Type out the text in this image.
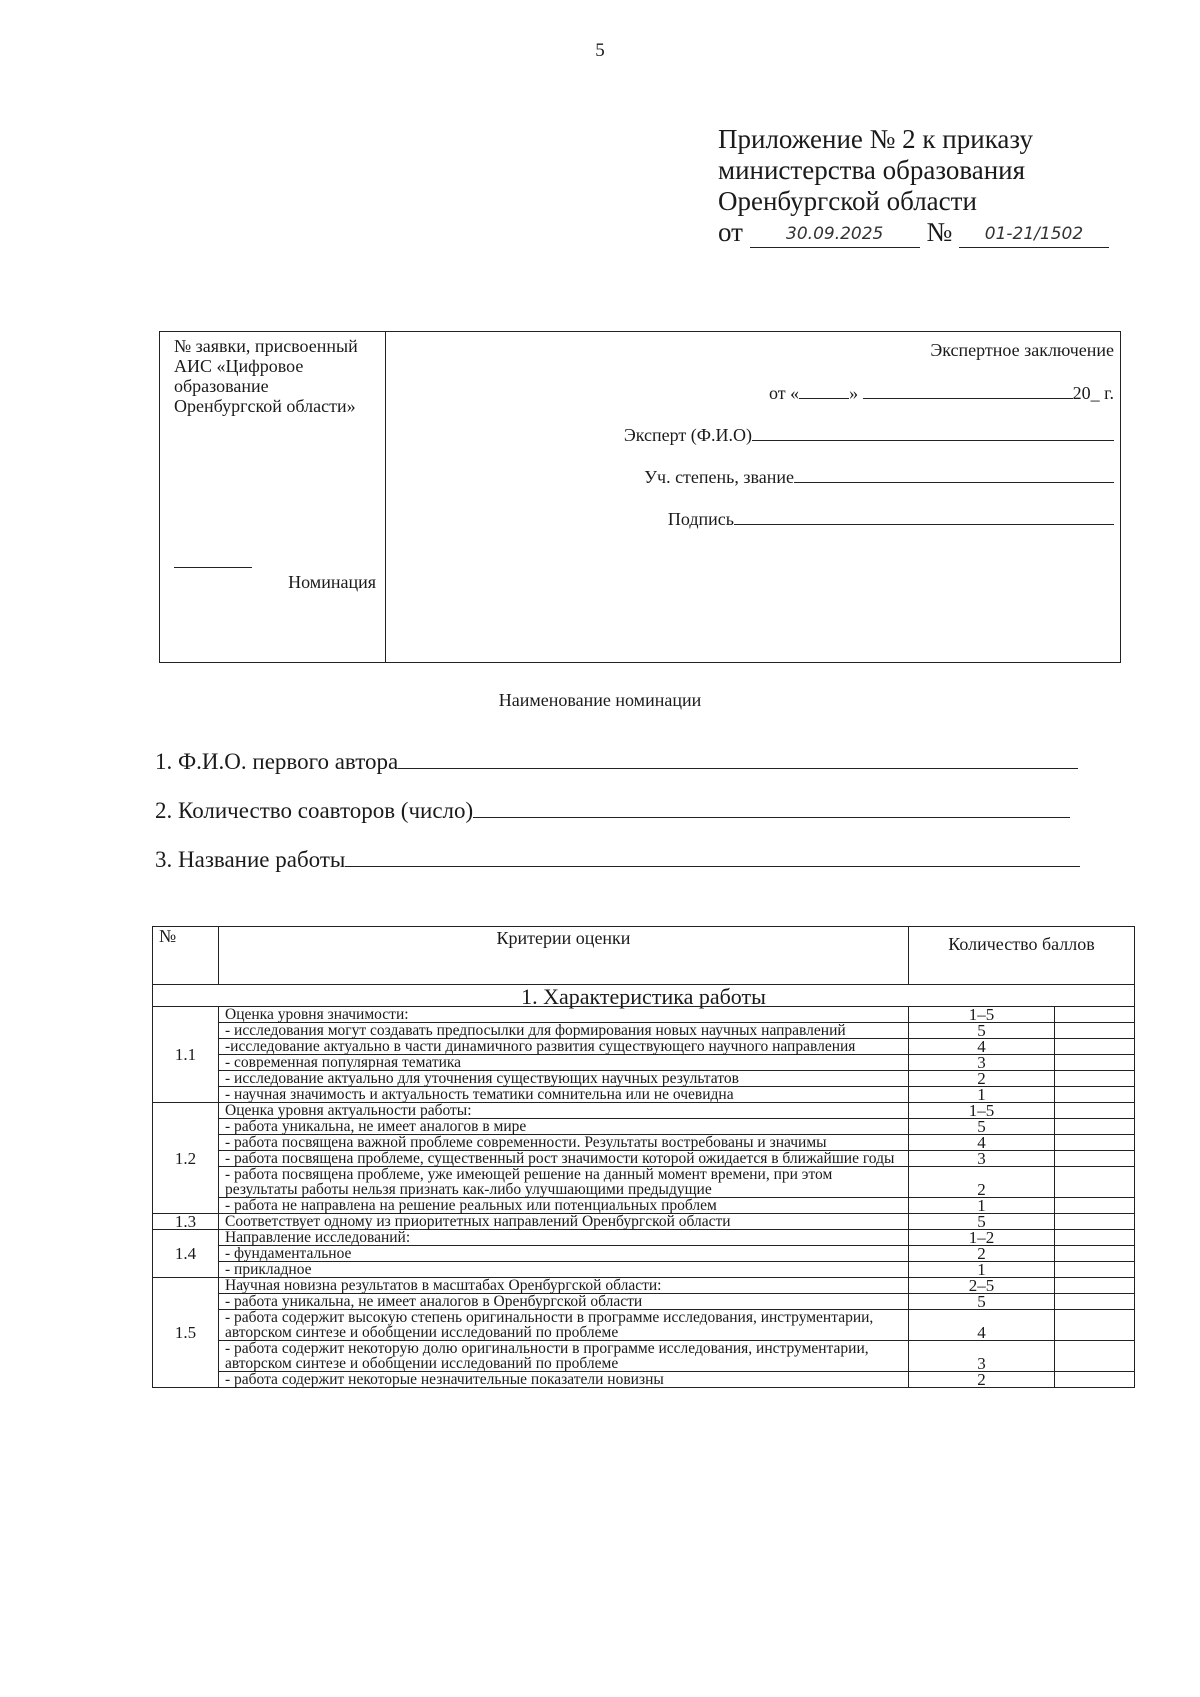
5
Приложение № 2 к приказу
министерства образования
Оренбургской области
от	30.09.2025 № 01-21/1502
№ заявки, присвоенный АИС «Цифровое образование Оренбургской области»
Номинация
Экспертное заключение
от «	»	20_ г.
Эксперт (Ф.И.О)
Уч. степень, звание
Подпись
Наименование номинации
1. Ф.И.О. первого автора
2. Количество соавторов (число)
3. Название работы
№	Критерии оценки	Количество баллов	
1. Характеристика работы			
1.1	Оценка уровня значимости:	1–5	
	- исследования могут создавать предпосылки для формирования новых научных направлений	5	
	-исследование актуально в части динамичного развития существующего научного направления	4	
	- современная популярная тематика	3	
	- исследование актуально для уточнения существующих научных результатов	2	
	- научная значимость и актуальность тематики сомнительна или не очевидна	1	
1.2	Оценка уровня актуальности работы:	1–5	
	- работа уникальна, не имеет аналогов в мире	5	
	- работа посвящена важной проблеме современности. Результаты востребованы и значимы	4	
	- работа посвящена проблеме, существенный рост значимости которой ожидается в ближайшие годы	3	
	- работа посвящена проблеме, уже имеющей решение на данный момент времени, при этом результаты работы нельзя признать как-либо улучшающими предыдущие	2	
	- работа не направлена на решение реальных или потенциальных проблем	1	
1.3	Соответствует одному из приоритетных направлений Оренбургской области	5	
1.4	Направление исследований:	1–2	
	- фундаментальное	2	
	- прикладное	1	
1.5	Научная новизна результатов в масштабах Оренбургской области:	2–5	
	- работа уникальна, не имеет аналогов в Оренбургской области	5	
	- работа содержит высокую степень оригинальности в программе исследования, инструментарии, авторском синтезе и обобщении исследований по проблеме	4	
	- работа содержит некоторую долю оригинальности в программе исследования, инструментарии, авторском синтезе и обобщении исследований по проблеме	3	
	- работа содержит некоторые незначительные показатели новизны	2	
